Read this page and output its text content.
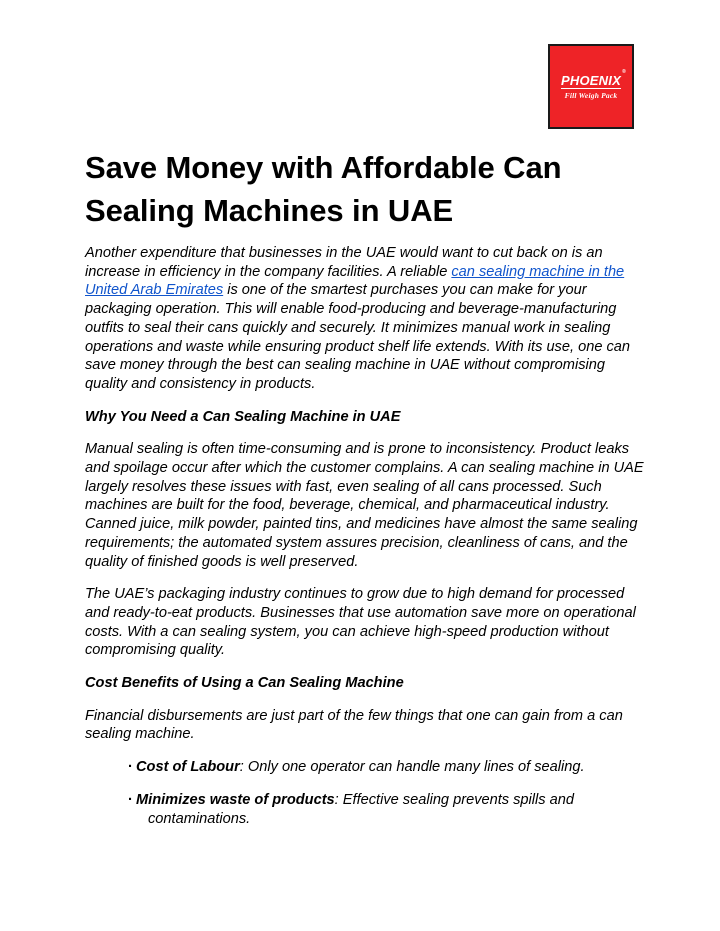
PHOENIX
®
Fill Weigh Pack
Save Money with Affordable Can Sealing Machines in UAE

Another expenditure that businesses in the UAE would want to cut back on is an increase in efficiency in the company facilities. A reliable can sealing machine in the United Arab Emirates is one of the smartest purchases you can make for your packaging operation. This will enable food-producing and beverage-manufacturing outfits to seal their cans quickly and securely. It minimizes manual work in sealing operations and waste while ensuring product shelf life extends. With its use, one can save money through the best can sealing machine in UAE without compromising quality and consistency in products.

Why You Need a Can Sealing Machine in UAE

Manual sealing is often time-consuming and is prone to inconsistency. Product leaks and spoilage occur after which the customer complains. A can sealing machine in UAE largely resolves these issues with fast, even sealing of all cans processed. Such machines are built for the food, beverage, chemical, and pharmaceutical industry. Canned juice, milk powder, painted tins, and medicines have almost the same sealing requirements; the automated system assures precision, cleanliness of cans, and the quality of finished goods is well preserved.

The UAE’s packaging industry continues to grow due to high demand for processed and ready-to-eat products. Businesses that use automation save more on operational costs. With a can sealing system, you can achieve high-speed production without compromising quality.

Cost Benefits of Using a Can Sealing Machine

Financial disbursements are just part of the few things that one can gain from a can sealing machine.

· Cost of Labour: Only one operator can handle many lines of sealing.
· Minimizes waste of products: Effective sealing prevents spills and contaminations.
